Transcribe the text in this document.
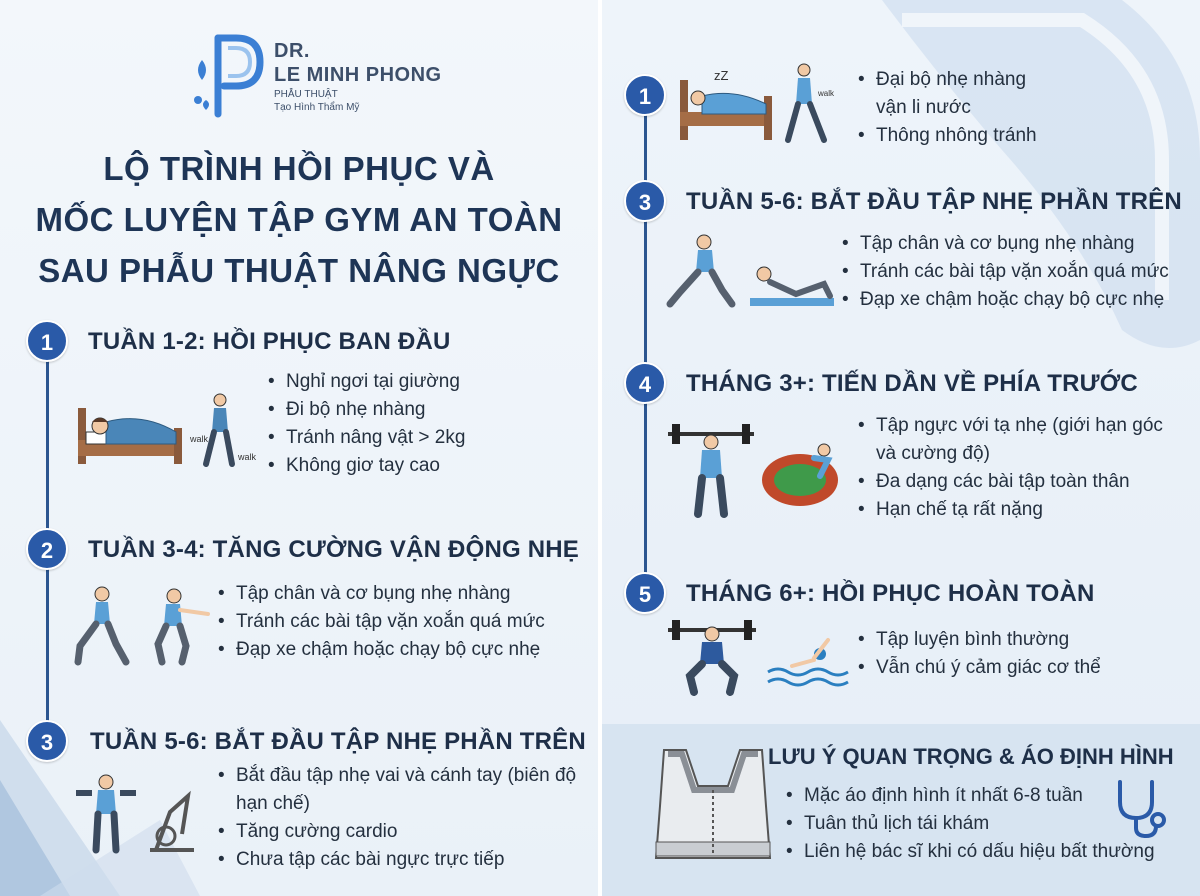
DR.
LE MINH PHONG
PHẪU THUẬT
Tạo Hình Thẩm Mỹ
LỘ TRÌNH HỒI PHỤC VÀ
MỐC LUYỆN TẬP GYM AN TOÀN
SAU PHẪU THUẬT NÂNG NGỰC
1	TUẦN 1-2: HỒI PHỤC BAN ĐẦU
walk
walk
• Nghỉ ngơi tại giường
• Đi bộ nhẹ nhàng
• Tránh nâng vật > 2kg
• Không giơ tay cao
2	TUẦN 3-4: TĂNG CƯỜNG VẬN ĐỘNG NHẸ
• Tập chân và cơ bụng nhẹ nhàng
• Tránh các bài tập vặn xoắn quá mức
• Đạp xe chậm hoặc chạy bộ cực nhẹ
3	TUẦN 5-6: BẮT ĐẦU TẬP NHẸ PHẦN TRÊN
• Bắt đầu tập nhẹ vai và cánh tay (biên độ hạn chế)
• Tăng cường cardio
• Chưa tập các bài ngực trực tiếp
1
zZ
walk
• Đại bộ nhẹ nhàng vận li nước
• Thông nhông tránh
3	TUẦN 5-6: BẮT ĐẦU TẬP NHẸ PHẦN TRÊN
• Tập chân và cơ bụng nhẹ nhàng
• Tránh các bài tập vặn xoắn quá mức
• Đạp xe chậm hoặc chạy bộ cực nhẹ
4	THÁNG 3+: TIẾN DẦN VỀ PHÍA TRƯỚC
• Tập ngực với tạ nhẹ (giới hạn góc và cường độ)
• Đa dạng các bài tập toàn thân
• Hạn chế tạ rất nặng
5	THÁNG 6+: HỒI PHỤC HOÀN TOÀN
• Tập luyện bình thường
• Vẫn chú ý cảm giác cơ thể
LƯU Ý QUAN TRỌNG & ÁO ĐỊNH HÌNH
• Mặc áo định hình ít nhất 6-8 tuần
• Tuân thủ lịch tái khám
• Liên hệ bác sĩ khi có dấu hiệu bất thường
